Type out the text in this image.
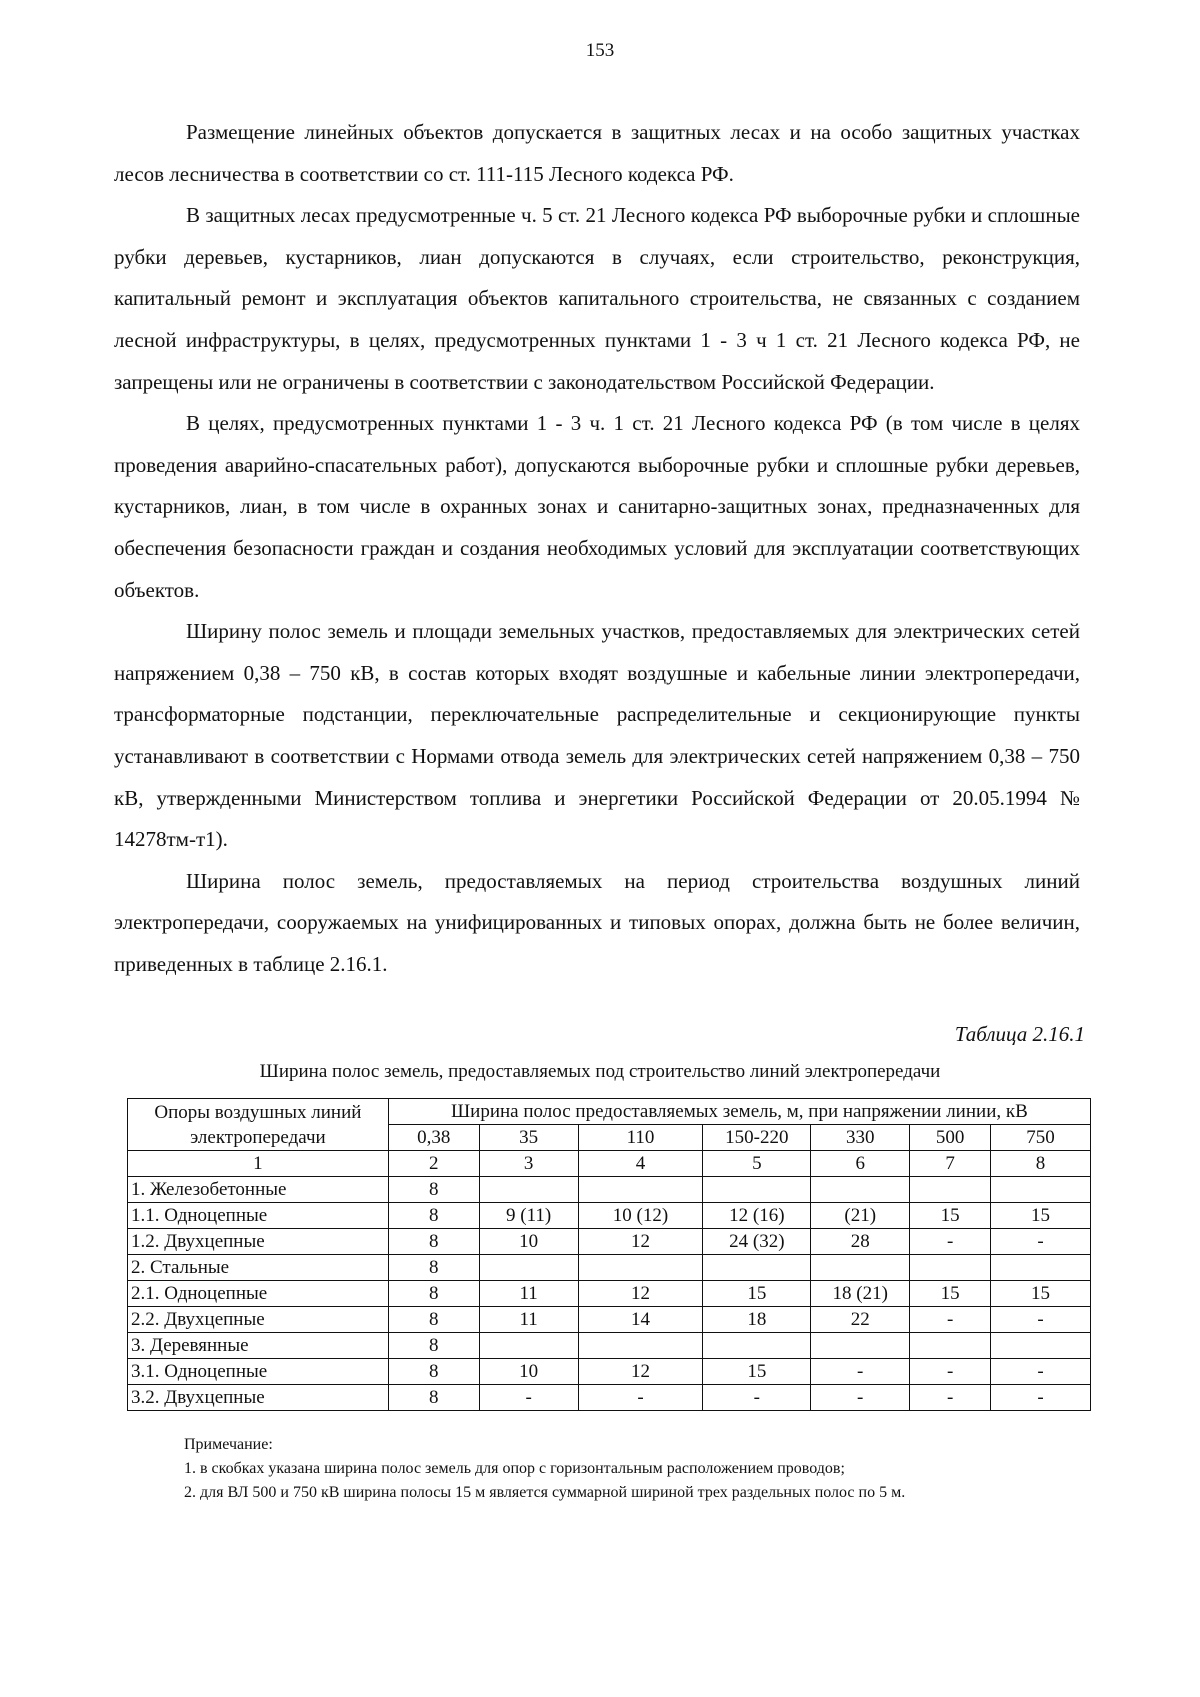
153

Размещение линейных объектов допускается в защитных лесах и на особо защитных участках лесов лесничества в соответствии со ст. 111-115 Лесного кодекса РФ.

В защитных лесах предусмотренные ч. 5 ст. 21 Лесного кодекса РФ выборочные рубки и сплошные рубки деревьев, кустарников, лиан допускаются в случаях, если строительство, реконструкция, капитальный ремонт и эксплуатация объектов капитального строительства, не связанных с созданием лесной инфраструктуры, в целях, предусмотренных пунктами 1 - 3 ч 1 ст. 21 Лесного кодекса РФ, не запрещены или не ограничены в соответствии с законодательством Российской Федерации.

В целях, предусмотренных пунктами 1 - 3 ч. 1 ст. 21 Лесного кодекса РФ (в том числе в целях проведения аварийно-спасательных работ), допускаются выборочные рубки и сплошные рубки деревьев, кустарников, лиан, в том числе в охранных зонах и санитарно-защитных зонах, предназначенных для обеспечения безопасности граждан и создания необходимых условий для эксплуатации соответствующих объектов.

Ширину полос земель и площади земельных участков, предоставляемых для электрических сетей напряжением 0,38 – 750 кВ, в состав которых входят воздушные и кабельные линии электропередачи, трансформаторные подстанции, переключательные распределительные и секционирующие пункты устанавливают в соответствии с Нормами отвода земель для электрических сетей напряжением 0,38 – 750 кВ, утвержденными Министерством топлива и энергетики Российской Федерации от 20.05.1994 № 14278тм-т1).

Ширина полос земель, предоставляемых на период строительства воздушных линий электропередачи, сооружаемых на унифицированных и типовых опорах, должна быть не более величин, приведенных в таблице 2.16.1.

Таблица 2.16.1
Ширина полос земель, предоставляемых под строительство линий электропередачи
Опоры воздушных линий электропередачи	Ширина полос предоставляемых земель, м, при напряжении линии, кВ						
	0,38	35	110	150-220	330	500	750
1	2	3	4	5	6	7	8
1. Железобетонные	8						
1.1. Одноцепные	8	9 (11)	10 (12)	12 (16)	(21)	15	15
1.2. Двухцепные	8	10	12	24 (32)	28	-	-
2. Стальные	8						
2.1. Одноцепные	8	11	12	15	18 (21)	15	15
2.2. Двухцепные	8	11	14	18	22	-	-
3. Деревянные	8						
3.1. Одноцепные	8	10	12	15	-	-	-
3.2. Двухцепные	8	-	-	-	-	-	-
Примечание:
1. в скобках указана ширина полос земель для опор с горизонтальным расположением проводов;
2. для ВЛ 500 и 750 кВ ширина полосы 15 м является суммарной шириной трех раздельных полос по 5 м.
